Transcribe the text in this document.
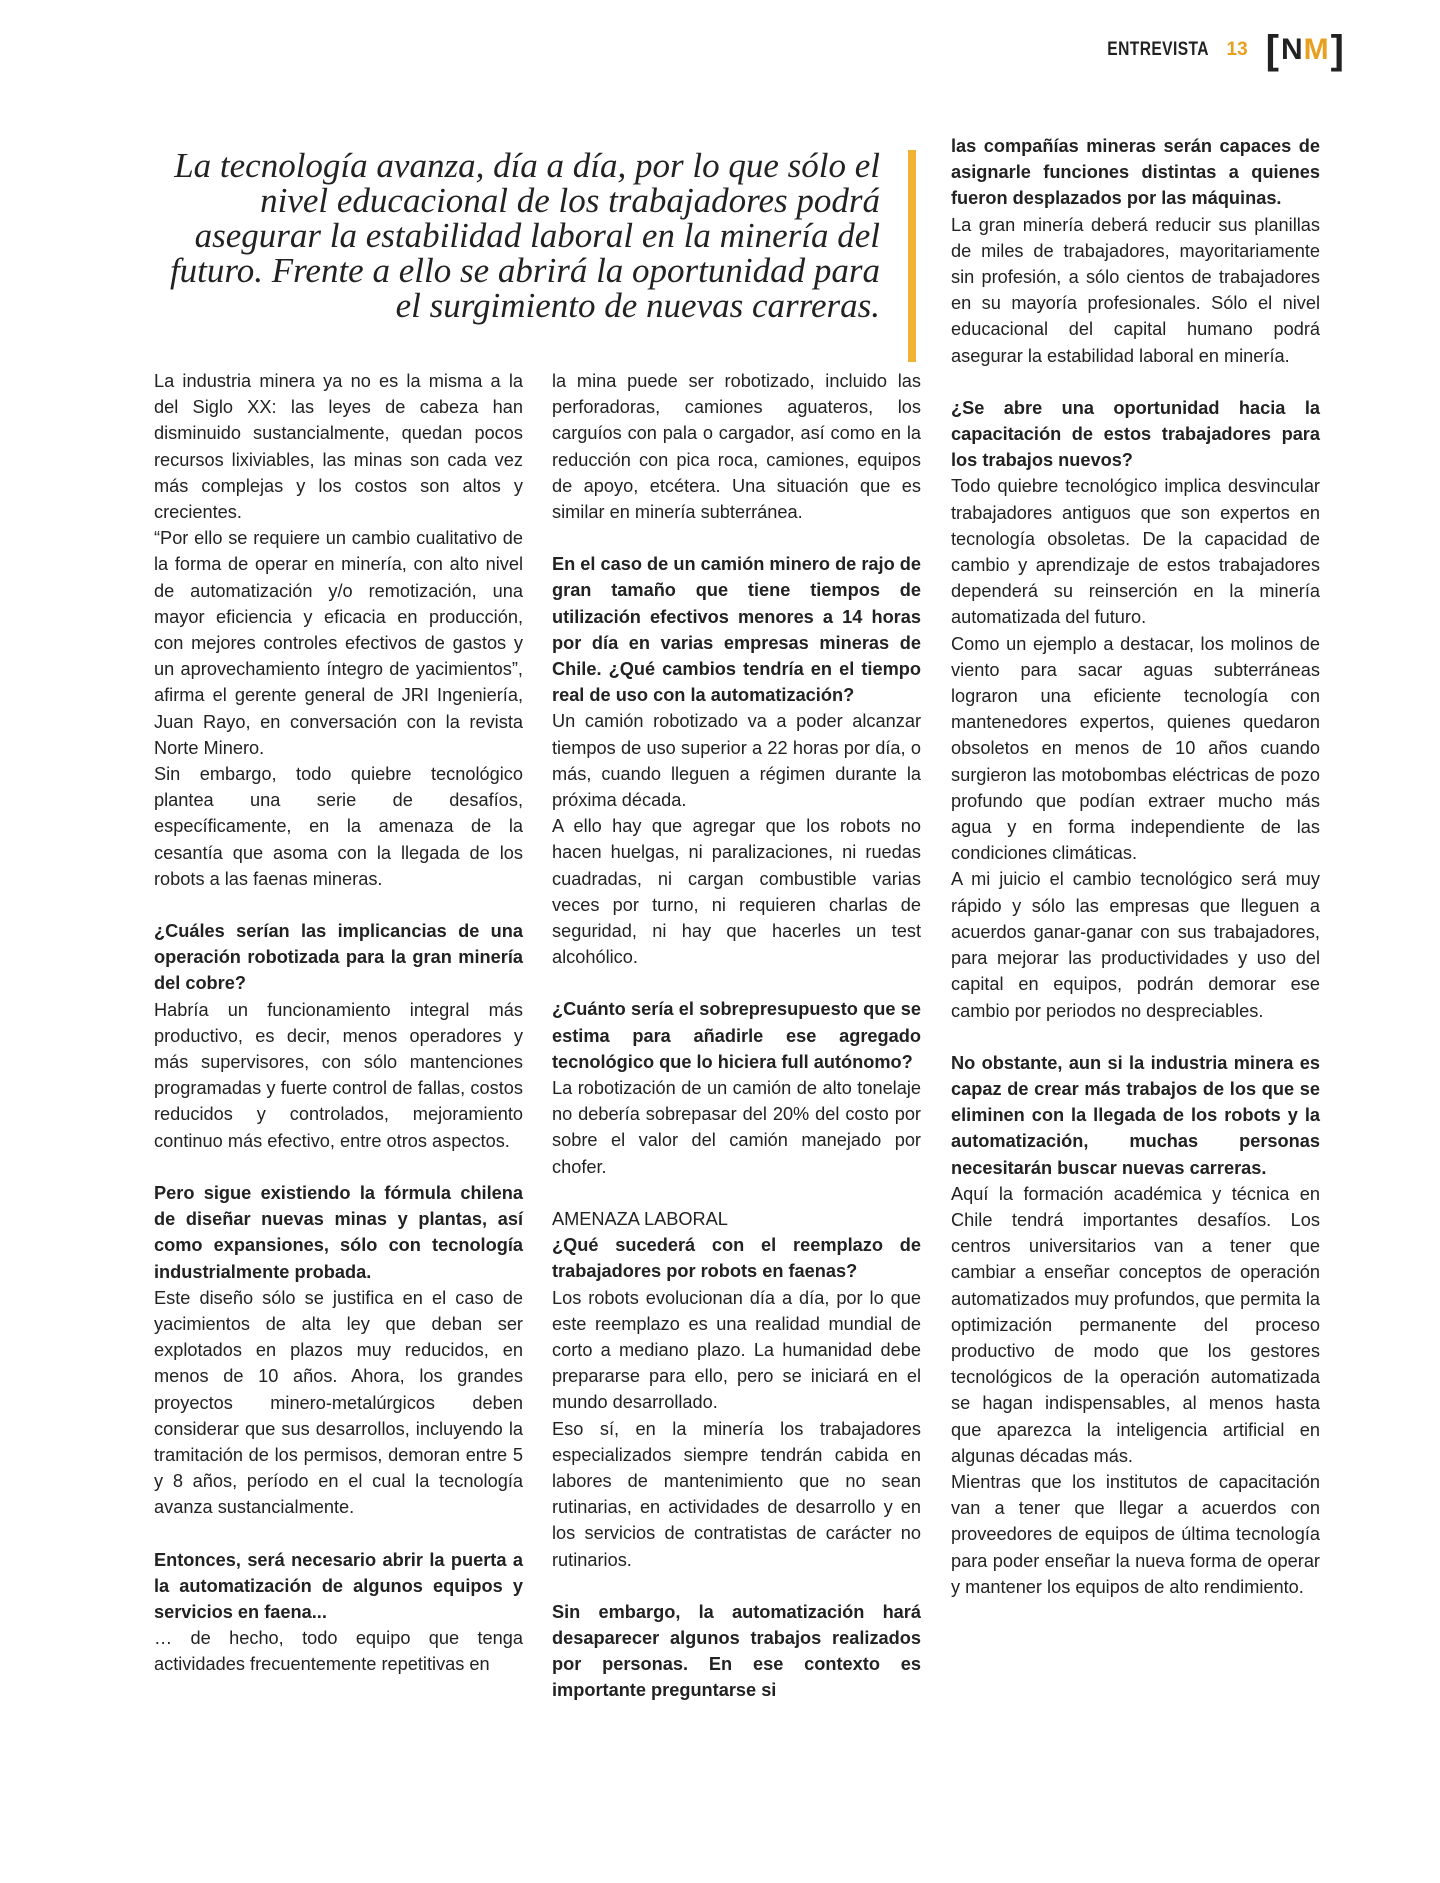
ENTREVISTA 13 [ N M ]
La tecnología avanza, día a día, por lo que sólo el nivel educacional de los trabajadores podrá asegurar la estabilidad laboral en la minería del futuro. Frente a ello se abrirá la oportunidad para el surgimiento de nuevas carreras.

La industria minera ya no es la misma a la del Siglo XX: las leyes de cabeza han disminuido sustancialmente, quedan pocos recursos lixiviables, las minas son cada vez más complejas y los costos son altos y crecientes.

“Por ello se requiere un cambio cualitativo de la forma de operar en minería, con alto nivel de automatización y/o remotización, una mayor eficiencia y eficacia en producción, con mejores controles efectivos de gastos y un aprovechamiento íntegro de yacimientos”, afirma el gerente general de JRI Ingeniería, Juan Rayo, en conversación con la revista Norte Minero.

Sin embargo, todo quiebre tecnológico plantea una serie de desafíos, específicamente, en la amenaza de la cesantía que asoma con la llegada de los robots a las faenas mineras.

¿Cuáles serían las implicancias de una operación robotizada para la gran minería del cobre?

Habría un funcionamiento integral más productivo, es decir, menos operadores y más supervisores, con sólo mantenciones programadas y fuerte control de fallas, costos reducidos y controlados, mejoramiento continuo más efectivo, entre otros aspectos.

Pero sigue existiendo la fórmula chilena de diseñar nuevas minas y plantas, así como expansiones, sólo con tecnología industrialmente probada.

Este diseño sólo se justifica en el caso de yacimientos de alta ley que deban ser explotados en plazos muy reducidos, en menos de 10 años. Ahora, los grandes proyectos minero-metalúrgicos deben considerar que sus desarrollos, incluyendo la tramitación de los permisos, demoran entre 5 y 8 años, período en el cual la tecnología avanza sustancialmente.

Entonces, será necesario abrir la puerta a la automatización de algunos equipos y servicios en faena...

… de hecho, todo equipo que tenga actividades frecuentemente repetitivas en

la mina puede ser robotizado, incluido las perforadoras, camiones aguateros, los carguíos con pala o cargador, así como en la reducción con pica roca, camiones, equipos de apoyo, etcétera. Una situación que es similar en minería subterránea.

En el caso de un camión minero de rajo de gran tamaño que tiene tiempos de utilización efectivos menores a 14 horas por día en varias empresas mineras de Chile. ¿Qué cambios tendría en el tiempo real de uso con la automatización?

Un camión robotizado va a poder alcanzar tiempos de uso superior a 22 horas por día, o más, cuando lleguen a régimen durante la próxima década.

A ello hay que agregar que los robots no hacen huelgas, ni paralizaciones, ni ruedas cuadradas, ni cargan combustible varias veces por turno, ni requieren charlas de seguridad, ni hay que hacerles un test alcohólico.

¿Cuánto sería el sobrepresupuesto que se estima para añadirle ese agregado tecnológico que lo hiciera full autónomo?

La robotización de un camión de alto tonelaje no debería sobrepasar del 20% del costo por sobre el valor del camión manejado por chofer.

AMENAZA LABORAL

¿Qué sucederá con el reemplazo de trabajadores por robots en faenas?

Los robots evolucionan día a día, por lo que este reemplazo es una realidad mundial de corto a mediano plazo. La humanidad debe prepararse para ello, pero se iniciará en el mundo desarrollado.

Eso sí, en la minería los trabajadores especializados siempre tendrán cabida en labores de mantenimiento que no sean rutinarias, en actividades de desarrollo y en los servicios de contratistas de carácter no rutinarios.

Sin embargo, la automatización hará desaparecer algunos trabajos realizados por personas. En ese contexto es importante preguntarse si

las compañías mineras serán capaces de asignarle funciones distintas a quienes fueron desplazados por las máquinas.

La gran minería deberá reducir sus planillas de miles de trabajadores, mayoritariamente sin profesión, a sólo cientos de trabajadores en su mayoría profesionales. Sólo el nivel educacional del capital humano podrá asegurar la estabilidad laboral en minería.

¿Se abre una oportunidad hacia la capacitación de estos trabajadores para los trabajos nuevos?

Todo quiebre tecnológico implica desvincular trabajadores antiguos que son expertos en tecnología obsoletas. De la capacidad de cambio y aprendizaje de estos trabajadores dependerá su reinserción en la minería automatizada del futuro.

Como un ejemplo a destacar, los molinos de viento para sacar aguas subterráneas lograron una eficiente tecnología con mantenedores expertos, quienes quedaron obsoletos en menos de 10 años cuando surgieron las motobombas eléctricas de pozo profundo que podían extraer mucho más agua y en forma independiente de las condiciones climáticas.

A mi juicio el cambio tecnológico será muy rápido y sólo las empresas que lleguen a acuerdos ganar-ganar con sus trabajadores, para mejorar las productividades y uso del capital en equipos, podrán demorar ese cambio por periodos no despreciables.

No obstante, aun si la industria minera es capaz de crear más trabajos de los que se eliminen con la llegada de los robots y la automatización, muchas personas necesitarán buscar nuevas carreras.

Aquí la formación académica y técnica en Chile tendrá importantes desafíos. Los centros universitarios van a tener que cambiar a enseñar conceptos de operación automatizados muy profundos, que permita la optimización permanente del proceso productivo de modo que los gestores tecnológicos de la operación automatizada se hagan indispensables, al menos hasta que aparezca la inteligencia artificial en algunas décadas más.

Mientras que los institutos de capacitación van a tener que llegar a acuerdos con proveedores de equipos de última tecnología para poder enseñar la nueva forma de operar y mantener los equipos de alto rendimiento.
